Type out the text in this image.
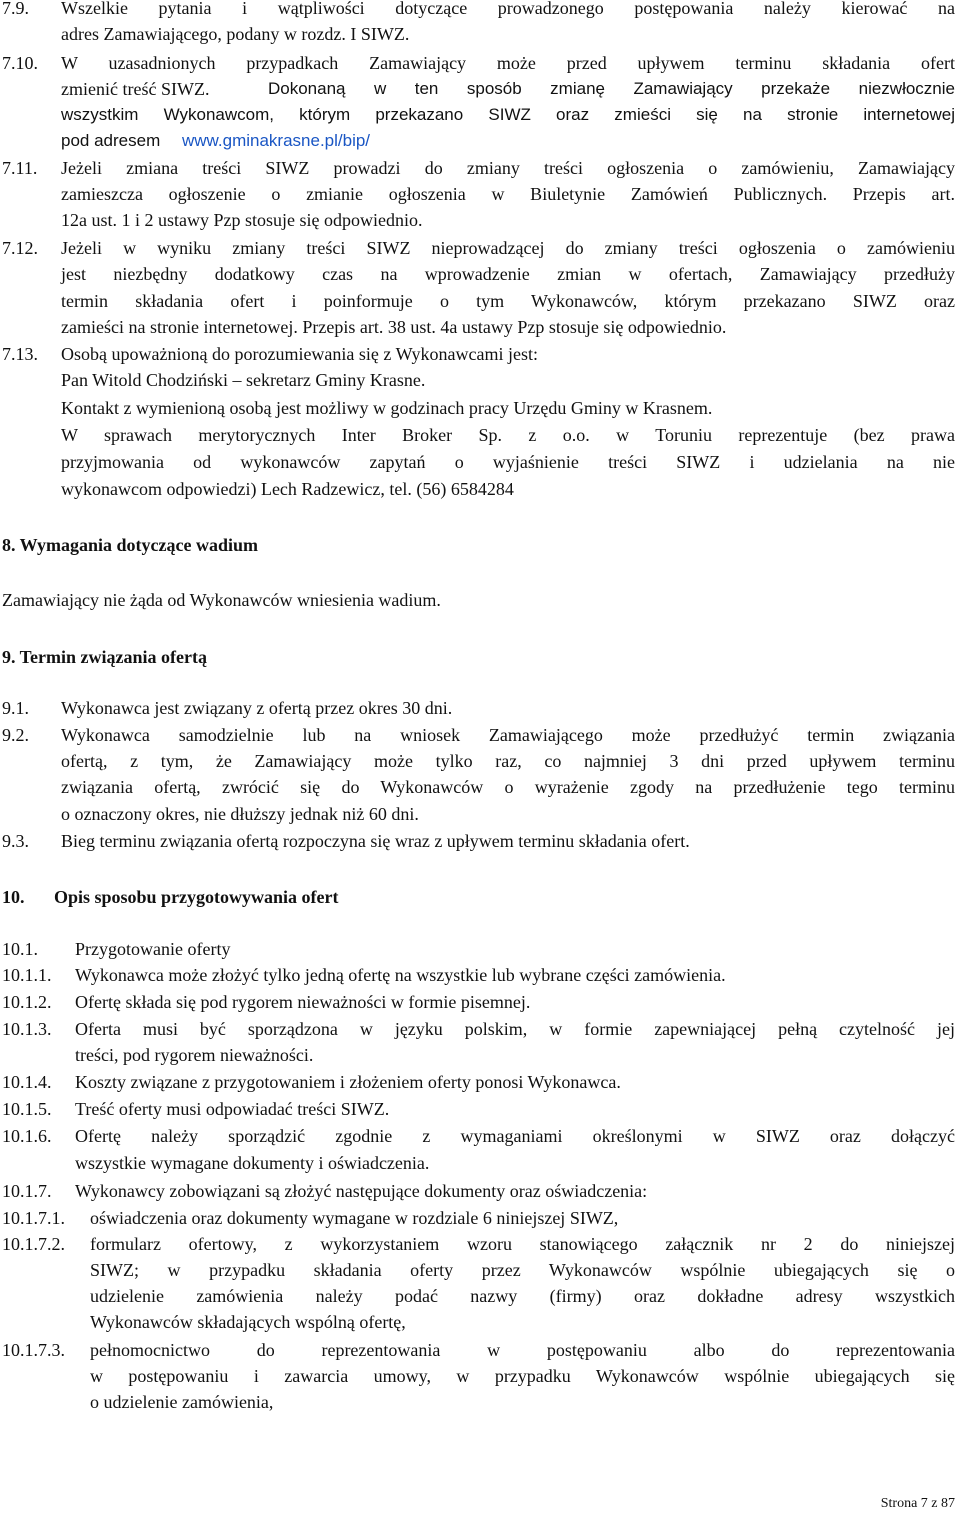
7.9. Wszelkie pytania i wątpliwości dotyczące prowadzonego postępowania należy kierować na
adres Zamawiającego, podany w rozdz. I SIWZ.
7.10. W uzasadnionych przypadkach Zamawiający może przed upływem terminu składania ofert
zmienić treść SIWZ.	Dokonaną w ten sposób zmianę Zamawiający przekaże niezwłocznie
wszystkim Wykonawcom, którym przekazano SIWZ oraz zmieści się na stronie internetowej
pod adresem www.gminakrasne.pl/bip/
7.11. Jeżeli zmiana treści SIWZ prowadzi do zmiany treści ogłoszenia o zamówieniu, Zamawiający
zamieszcza ogłoszenie o zmianie ogłoszenia w Biuletynie Zamówień Publicznych. Przepis art.
12a ust. 1 i 2 ustawy Pzp stosuje się odpowiednio.
7.12. Jeżeli w wyniku zmiany treści SIWZ nieprowadzącej do zmiany treści ogłoszenia o zamówieniu
jest niezbędny dodatkowy czas na wprowadzenie zmian w ofertach, Zamawiający przedłuży
termin składania ofert i poinformuje o tym Wykonawców, którym przekazano SIWZ oraz
zamieści na stronie internetowej. Przepis art. 38 ust. 4a ustawy Pzp stosuje się odpowiednio.
7.13. Osobą upoważnioną do porozumiewania się z Wykonawcami jest:
Pan Witold Chodziński – sekretarz Gminy Krasne.
Kontakt z wymienioną osobą jest możliwy w godzinach pracy Urzędu Gminy w Krasnem.
W sprawach merytorycznych Inter Broker Sp. z o.o. w Toruniu reprezentuje (bez prawa
przyjmowania od wykonawców zapytań o wyjaśnienie treści SIWZ i udzielania na nie
wykonawcom odpowiedzi) Lech Radzewicz, tel. (56) 6584284
8. Wymagania dotyczące wadium
Zamawiający nie żąda od Wykonawców wniesienia wadium.
9. Termin związania ofertą
9.1. Wykonawca jest związany z ofertą przez okres 30 dni.
9.2. Wykonawca samodzielnie lub na wniosek Zamawiającego może przedłużyć termin związania
ofertą, z tym, że Zamawiający może tylko raz, co najmniej 3 dni przed upływem terminu
związania ofertą, zwrócić się do Wykonawców o wyrażenie zgody na przedłużenie tego terminu
o oznaczony okres, nie dłuższy jednak niż 60 dni.
9.3. Bieg terminu związania ofertą rozpoczyna się wraz z upływem terminu składania ofert.
10. Opis sposobu przygotowywania ofert
10.1. Przygotowanie oferty
10.1.1. Wykonawca może złożyć tylko jedną ofertę na wszystkie lub wybrane części zamówienia.
10.1.2. Ofertę składa się pod rygorem nieważności w formie pisemnej.
10.1.3. Oferta musi być sporządzona w języku polskim, w formie zapewniającej pełną czytelność jej
treści, pod rygorem nieważności.
10.1.4. Koszty związane z przygotowaniem i złożeniem oferty ponosi Wykonawca.
10.1.5. Treść oferty musi odpowiadać treści SIWZ.
10.1.6. Ofertę należy sporządzić zgodnie z wymaganiami określonymi w SIWZ oraz dołączyć
wszystkie wymagane dokumenty i oświadczenia.
10.1.7. Wykonawcy zobowiązani są złożyć następujące dokumenty oraz oświadczenia:
10.1.7.1. oświadczenia oraz dokumenty wymagane w rozdziale 6 niniejszej SIWZ,
10.1.7.2. formularz ofertowy, z wykorzystaniem wzoru stanowiącego załącznik nr 2 do niniejszej
SIWZ; w przypadku składania oferty przez Wykonawców wspólnie ubiegających się o
udzielenie zamówienia należy podać nazwy (firmy) oraz dokładne adresy wszystkich
Wykonawców składających wspólną ofertę,
10.1.7.3. pełnomocnictwo do reprezentowania w postępowaniu albo do reprezentowania
w postępowaniu i zawarcia umowy, w przypadku Wykonawców wspólnie ubiegających się
o udzielenie zamówienia,
Strona 7 z 87
